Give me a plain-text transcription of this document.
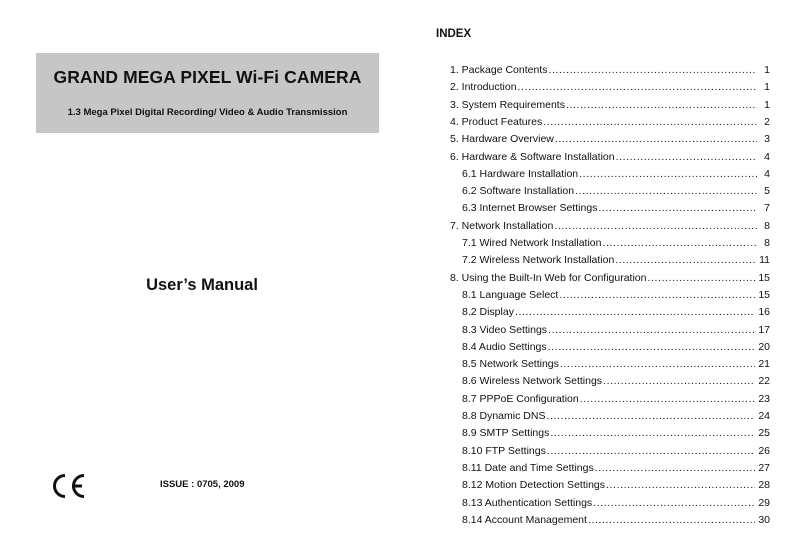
GRAND MEGA PIXEL Wi-Fi CAMERA
1.3 Mega Pixel Digital Recording/ Video & Audio Transmission
User’s Manual
ISSUE : 0705, 2009
INDEX
1. Package Contents .....	1
2. Introduction .....	1
3. System Requirements .....	1
4. Product Features .....	2
5. Hardware Overview .....	3
6. Hardware & Software Installation .....	4
6.1 Hardware Installation .....	4
6.2 Software Installation .....	5
6.3 Internet Browser Settings .....	7
7. Network Installation .....	8
7.1 Wired Network Installation .....	8
7.2 Wireless Network Installation .....	11
8. Using the Built-In Web for Configuration .....	15
8.1 Language Select .....	15
8.2 Display .....	16
8.3 Video Settings .....	17
8.4 Audio Settings .....	20
8.5 Network Settings .....	21
8.6 Wireless Network Settings .....	22
8.7 PPPoE Configuration .....	23
8.8 Dynamic DNS .....	24
8.9 SMTP Settings .....	25
8.10 FTP Settings .....	26
8.11 Date and Time Settings .....	27
8.12 Motion Detection Settings .....	28
8.13 Authentication Settings .....	29
8.14 Account Management .....	30
